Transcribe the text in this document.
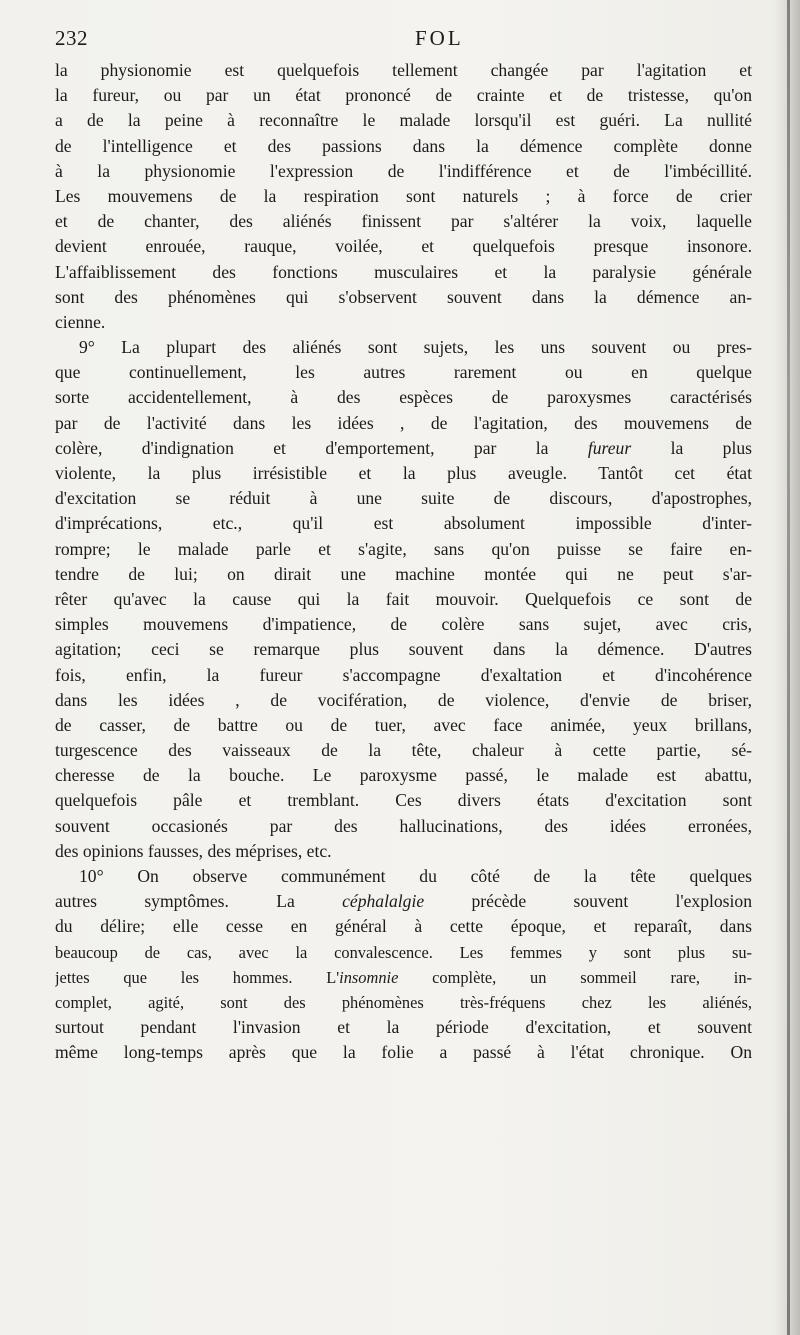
232	FOL
la physionomie est quelquefois tellement changée par l'agitation et
la fureur, ou par un état prononcé de crainte et de tristesse, qu'on
a de la peine à reconnaître le malade lorsqu'il est guéri. La nullité
de l'intelligence et des passions dans la démence complète donne
à la physionomie l'expression de l'indifférence et de l'imbécillité.
Les mouvemens de la respiration sont naturels ; à force de crier
et de chanter, des aliénés finissent par s'altérer la voix, laquelle
devient enrouée, rauque, voilée, et quelquefois presque insonore.
L'affaiblissement des fonctions musculaires et la paralysie générale
sont des phénomènes qui s'observent souvent dans la démence an-
cienne.
9° La plupart des aliénés sont sujets, les uns souvent ou pres-
que continuellement, les autres rarement ou en quelque
sorte accidentellement, à des espèces de paroxysmes caractérisés
par de l'activité dans les idées , de l'agitation, des mouvemens de
colère, d'indignation et d'emportement, par la fureur la plus
violente, la plus irrésistible et la plus aveugle. Tantôt cet état
d'excitation se réduit à une suite de discours, d'apostrophes,
d'imprécations, etc., qu'il est absolument impossible d'inter-
rompre; le malade parle et s'agite, sans qu'on puisse se faire en-
tendre de lui; on dirait une machine montée qui ne peut s'ar-
rêter qu'avec la cause qui la fait mouvoir. Quelquefois ce sont de
simples mouvemens d'impatience, de colère sans sujet, avec cris,
agitation; ceci se remarque plus souvent dans la démence. D'autres
fois, enfin, la fureur s'accompagne d'exaltation et d'incohérence
dans les idées , de vocifération, de violence, d'envie de briser,
de casser, de battre ou de tuer, avec face animée, yeux brillans,
turgescence des vaisseaux de la tête, chaleur à cette partie, sé-
cheresse de la bouche. Le paroxysme passé, le malade est abattu,
quelquefois pâle et tremblant. Ces divers états d'excitation sont
souvent occasionés par des hallucinations, des idées erronées,
des opinions fausses, des méprises, etc.
10° On observe communément du côté de la tête quelques
autres symptômes. La céphalalgie précède souvent l'explosion
du délire; elle cesse en général à cette époque, et reparaît, dans
beaucoup de cas, avec la convalescence. Les femmes y sont plus su-
jettes que les hommes. L'insomnie complète, un sommeil rare, in-
complet, agité, sont des phénomènes très-fréquens chez les aliénés,
surtout pendant l'invasion et la période d'excitation, et souvent
même long-temps après que la folie a passé à l'état chronique. On
